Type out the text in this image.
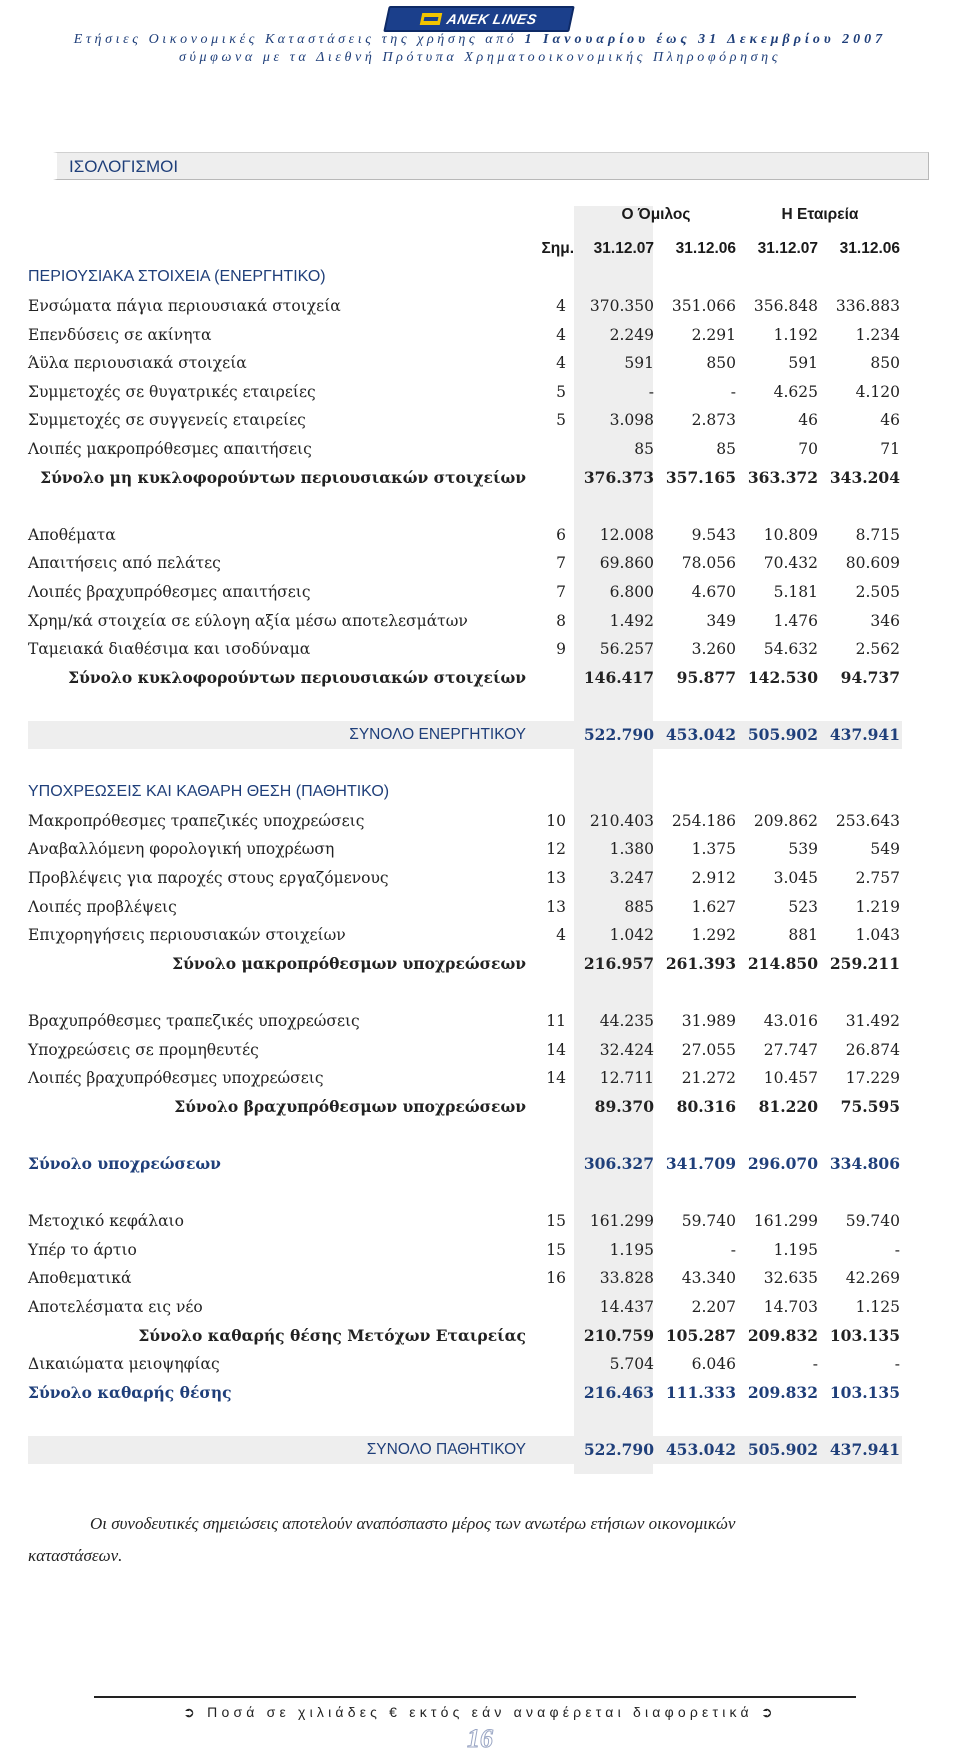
ANEK LINES
Ετήσιες Οικονομικές Καταστάσεις της χρήσης από 1 Ιανουαρίου έως 31 Δεκεμβρίου 2007
σύμφωνα με τα Διεθνή Πρότυπα Χρηματοοικονομικής Πληροφόρησης
ΙΣΟΛΟΓΙΣΜΟΙ
Ο Όμιλος	Η Εταιρεία
Σημ.	31.12.07	31.12.06	31.12.07	31.12.06
ΠΕΡΙΟΥΣΙΑΚΑ ΣΤΟΙΧΕΙΑ (ΕΝΕΡΓΗΤΙΚΟ)
Ενσώματα πάγια περιουσιακά στοιχεία	4	370.350	351.066	356.848	336.883
Επενδύσεις σε ακίνητα	4	2.249	2.291	1.192	1.234
Άϋλα περιουσιακά στοιχεία	4	591	850	591	850
Συμμετοχές σε θυγατρικές εταιρείες	5	-	-	4.625	4.120
Συμμετοχές σε συγγενείς εταιρείες	5	3.098	2.873	46	46
Λοιπές μακροπρόθεσμες απαιτήσεις	85	85	70	71
Σύνολο μη κυκλοφορούντων περιουσιακών στοιχείων	376.373 357.165 363.372 343.204
Αποθέματα	6	12.008	9.543	10.809	8.715
Απαιτήσεις από πελάτες	7	69.860	78.056	70.432	80.609
Λοιπές βραχυπρόθεσμες απαιτήσεις	7	6.800	4.670	5.181	2.505
Χρημ/κά στοιχεία σε εύλογη αξία μέσω αποτελεσμάτων	8	1.492	349	1.476	346
Ταμειακά διαθέσιμα και ισοδύναμα	9	56.257	3.260	54.632	2.562
Σύνολο κυκλοφορούντων περιουσιακών στοιχείων	146.417	95.877 142.530	94.737
ΣΥΝΟΛΟ ΕΝΕΡΓΗΤΙΚΟΥ	522.790 453.042 505.902 437.941
ΥΠΟΧΡΕΩΣΕΙΣ ΚΑΙ ΚΑΘΑΡΗ ΘΕΣΗ (ΠΑΘΗΤΙΚΟ)
Μακροπρόθεσμες τραπεζικές υποχρεώσεις	10	210.403	254.186	209.862	253.643
Αναβαλλόμενη φορολογική υποχρέωση	12	1.380	1.375	539	549
Προβλέψεις για παροχές στους εργαζόμενους	13	3.247	2.912	3.045	2.757
Λοιπές προβλέψεις	13	885	1.627	523	1.219
Επιχορηγήσεις περιουσιακών στοιχείων	4	1.042	1.292	881	1.043
Σύνολο μακροπρόθεσμων υποχρεώσεων	216.957 261.393 214.850 259.211
Βραχυπρόθεσμες τραπεζικές υποχρεώσεις	11	44.235	31.989	43.016	31.492
Υποχρεώσεις σε προμηθευτές	14	32.424	27.055	27.747	26.874
Λοιπές βραχυπρόθεσμες υποχρεώσεις	14	12.711	21.272	10.457	17.229
Σύνολο βραχυπρόθεσμων υποχρεώσεων	89.370	80.316	81.220	75.595
Σύνολο υποχρεώσεων	306.327 341.709 296.070 334.806
Μετοχικό κεφάλαιο	15	161.299	59.740	161.299	59.740
Υπέρ το άρτιο	15	1.195	-	1.195	-
Αποθεματικά	16	33.828	43.340	32.635	42.269
Αποτελέσματα εις νέο	14.437	2.207	14.703	1.125
Σύνολο καθαρής θέσης Μετόχων Εταιρείας	210.759 105.287 209.832 103.135
Δικαιώματα μειοψηφίας	5.704	6.046	-	-
Σύνολο καθαρής θέσης	216.463 111.333 209.832 103.135
ΣΥΝΟΛΟ ΠΑΘΗΤΙΚΟΥ	522.790 453.042 505.902 437.941
Οι συνοδευτικές σημειώσεις αποτελούν αναπόσπαστο μέρος των ανωτέρω ετήσιων οικονομικών
καταστάσεων.
➲ Ποσά σε χιλιάδες € εκτός εάν αναφέρεται διαφορετικά ➲
16
